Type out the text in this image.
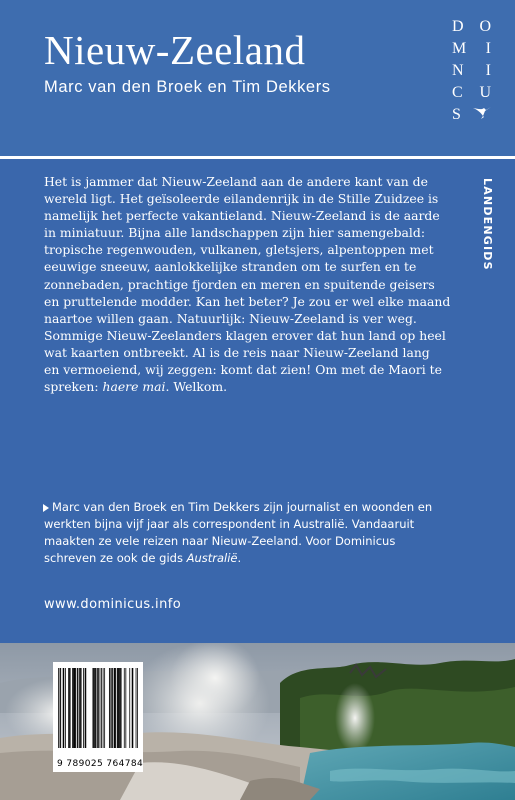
Nieuw-Zeeland
Marc van den Broek en Tim Dekkers
D O
M I
N I
C U
S
LANDENGIDS
Het is jammer dat Nieuw-Zeeland aan de andere kant van de
wereld ligt. Het geïsoleerde eilandenrijk in de Stille Zuidzee is
namelijk het perfecte vakantieland. Nieuw-Zeeland is de aarde
in miniatuur. Bijna alle landschappen zijn hier samengebald:
tropische regenwouden, vulkanen, gletsjers, alpentoppen met
eeuwige sneeuw, aanlokkelijke stranden om te surfen en te
zonnebaden, prachtige fjorden en meren en spuitende geisers
en pruttelende modder. Kan het beter? Je zou er wel elke maand
naartoe willen gaan. Natuurlijk: Nieuw-Zeeland is ver weg.
Sommige Nieuw-Zeelanders klagen erover dat hun land op heel
wat kaarten ontbreekt. Al is de reis naar Nieuw-Zeeland lang
en vermoeiend, wij zeggen: komt dat zien! Om met de Maori te
spreken: haere mai. Welkom.
Marc van den Broek en Tim Dekkers zijn journalist en woonden en
werkten bijna vijf jaar als correspondent in Australië. Vandaaruit
maakten ze vele reizen naar Nieuw-Zeeland. Voor Dominicus
schreven ze ook de gids Australië.
www.dominicus.info
9 789025 764784
